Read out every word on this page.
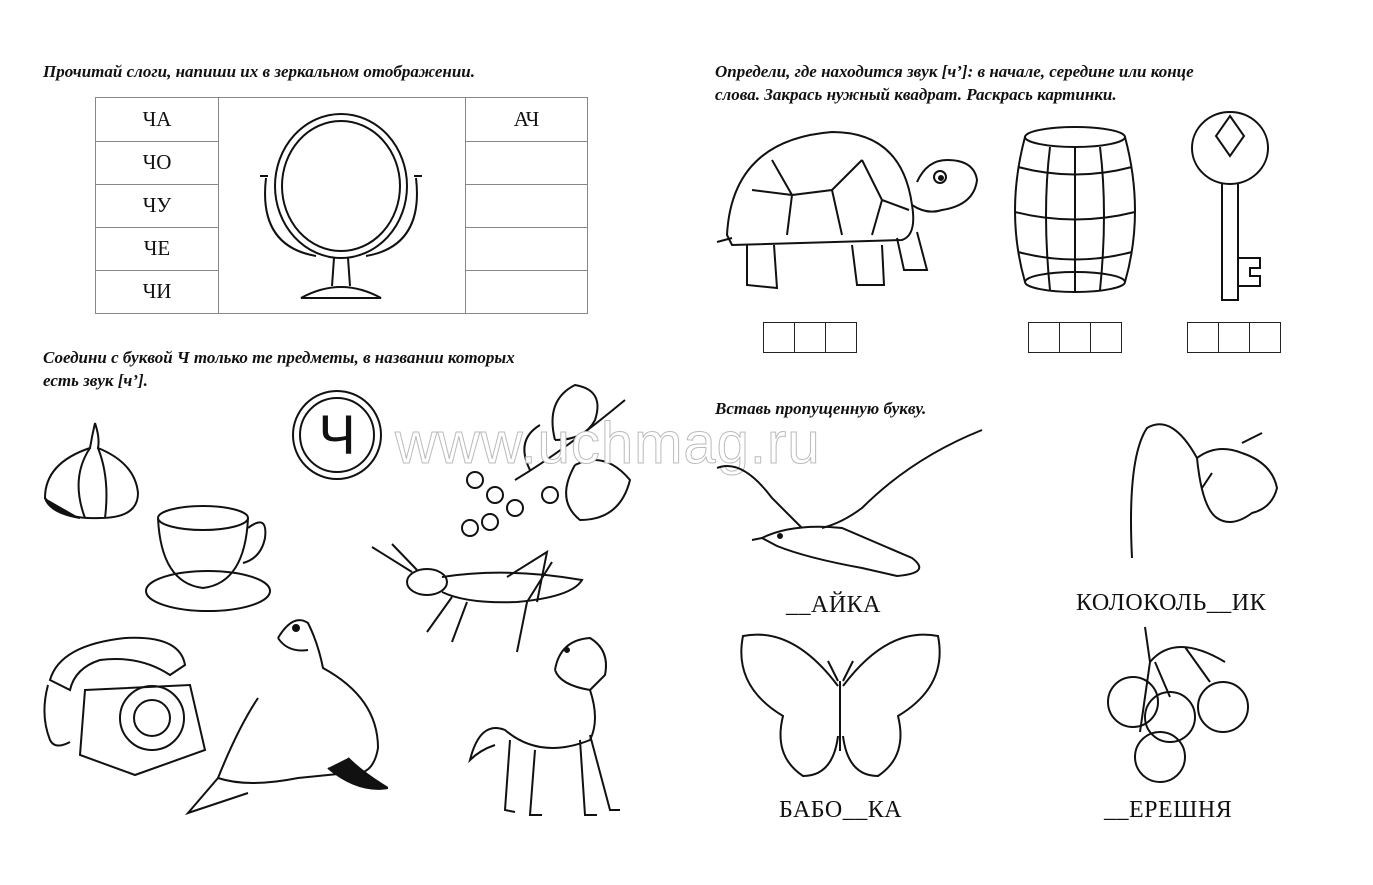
Прочитай слоги, напиши их в зеркальном отображении.

ЧА
ЧО
ЧУ
ЧЕ
ЧИ
АЧ

Определи, где находится звук [ч’]: в начале, середине или конце

слова. Закрась нужный квадрат. Раскрась картинки.

Соедини с буквой Ч только те предметы, в названии которых

есть звук [ч’].

Ч www.uchmag.ru

Вставь пропущенную букву.

__АЙКА	КОЛОКОЛЬ__ИК
БАБО__КА	__ЕРЕШНЯ
